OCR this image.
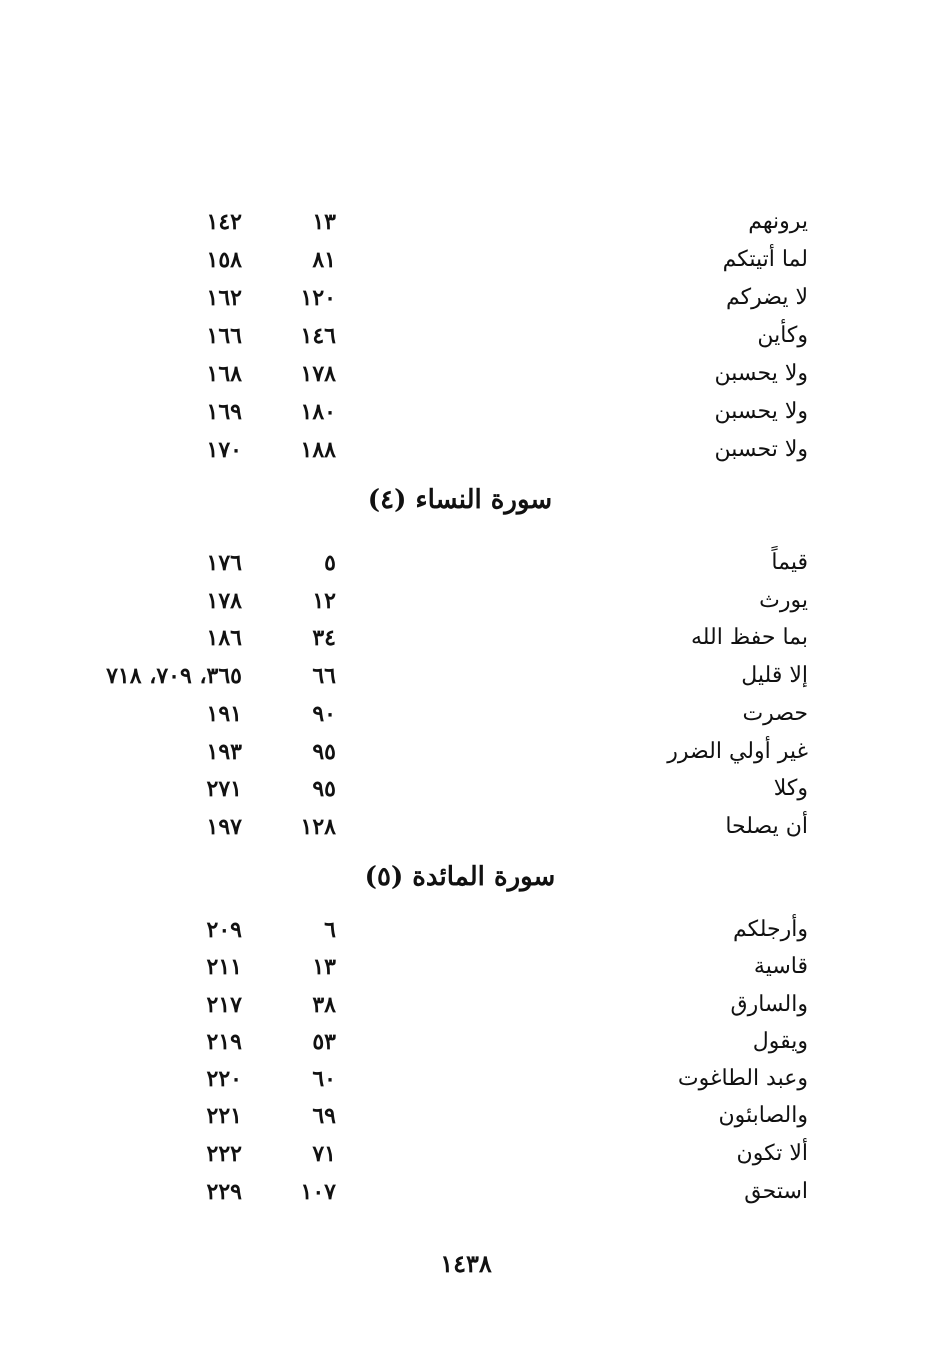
يرونهم
١٣
١٤٢
لما أتيتكم
٨١
١٥٨
لا يضركم
١٢٠
١٦٢
وكأين
١٤٦
١٦٦
ولا يحسبن
١٧٨
١٦٨
ولا يحسبن
١٨٠
١٦٩
ولا تحسبن
١٨٨
١٧٠
سورة النساء (٤)
قيماً
٥
١٧٦
يورث
١٢
١٧٨
بما حفظ الله
٣٤
١٨٦
إلا قليل
٦٦
٣٦٥، ٧٠٩، ٧١٨
حصرت
٩٠
١٩١
غير أولي الضرر
٩٥
١٩٣
وكلا
٩٥
٢٧١
أن يصلحا
١٢٨
١٩٧
سورة المائدة (٥)
وأرجلكم
٦
٢٠٩
قاسية
١٣
٢١١
والسارق
٣٨
٢١٧
ويقول
٥٣
٢١٩
وعبد الطاغوت
٦٠
٢٢٠
والصابئون
٦٩
٢٢١
ألا تكون
٧١
٢٢٢
استحق
١٠٧
٢٢٩
١٤٣٨
